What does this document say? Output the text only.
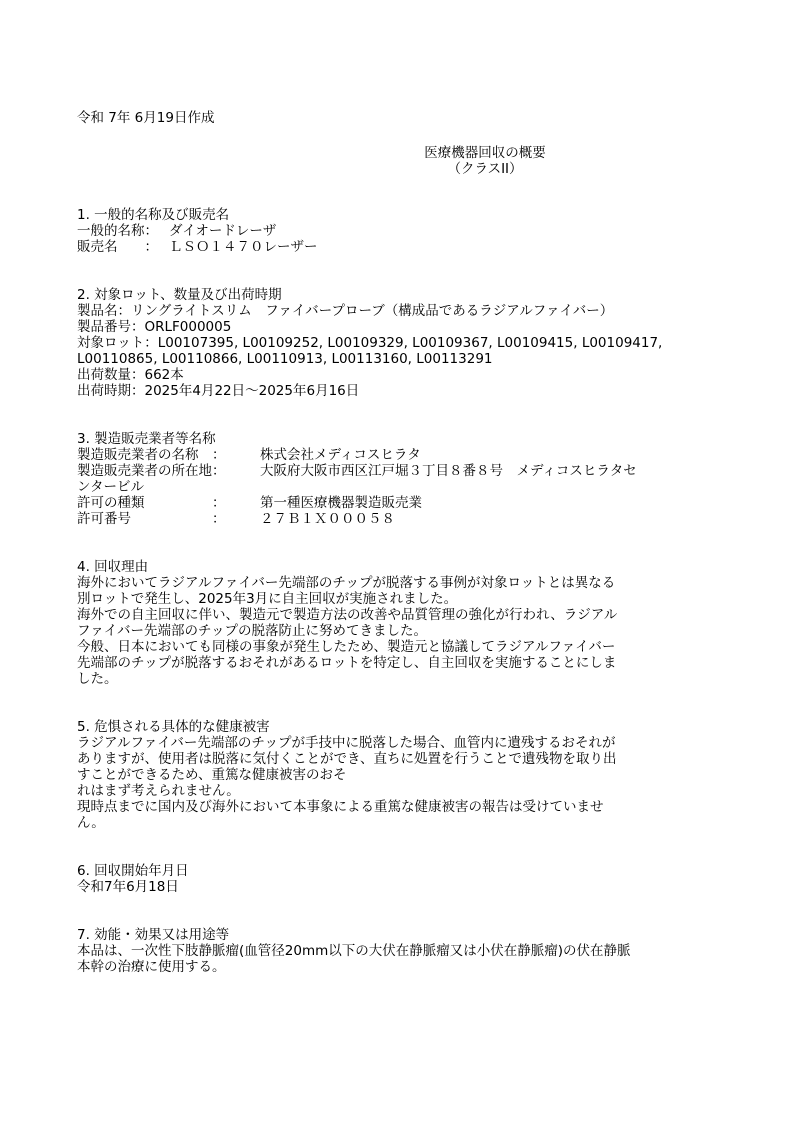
令和 7年 6月19日作成
医療機器回収の概要
（クラスII）
1. 一般的名称及び販売名
一般的名称： ダイオードレーザ
販売名　　： ＬＳＯ１４７０レーザー
2. 対象ロット、数量及び出荷時期
製品名：リングライトスリム　ファイバープローブ（構成品であるラジアルファイバー）
製品番号：ORLF000005
対象ロット：L00107395, L00109252, L00109329, L00109367, L00109415, L00109417,
L00110865, L00110866, L00110913, L00113160, L00113291
出荷数量：662本
出荷時期：2025年4月22日～2025年6月16日
3. 製造販売業者等名称
製造販売業者の名称　：	株式会社メディコスヒラタ
製造販売業者の所在地：	大阪府大阪市西区江戸堀３丁目８番８号　メディコスヒラタセ
ンタービル
許可の種類　　　　　：	第一種医療機器製造販売業
許可番号　　　　　　：	２７Ｂ１Ｘ０００５８
4. 回収理由
海外においてラジアルファイバー先端部のチップが脱落する事例が対象ロットとは異なる
別ロットで発生し、2025年3月に自主回収が実施されました。
海外での自主回収に伴い、製造元で製造方法の改善や品質管理の強化が行われ、ラジアル
ファイバー先端部のチップの脱落防止に努めてきました。
今般、日本においても同様の事象が発生したため、製造元と協議してラジアルファイバー
先端部のチップが脱落するおそれがあるロットを特定し、自主回収を実施することにしま
した。
5. 危惧される具体的な健康被害
ラジアルファイバー先端部のチップが手技中に脱落した場合、血管内に遺残するおそれが
ありますが、使用者は脱落に気付くことができ、直ちに処置を行うことで遺残物を取り出
すことができるため、重篤な健康被害のおそ
れはまず考えられません。
現時点までに国内及び海外において本事象による重篤な健康被害の報告は受けていませ
ん。
6. 回収開始年月日
令和7年6月18日
7. 効能・効果又は用途等
本品は、一次性下肢静脈瘤(血管径20mm以下の大伏在静脈瘤又は小伏在静脈瘤)の伏在静脈
本幹の治療に使用する。
